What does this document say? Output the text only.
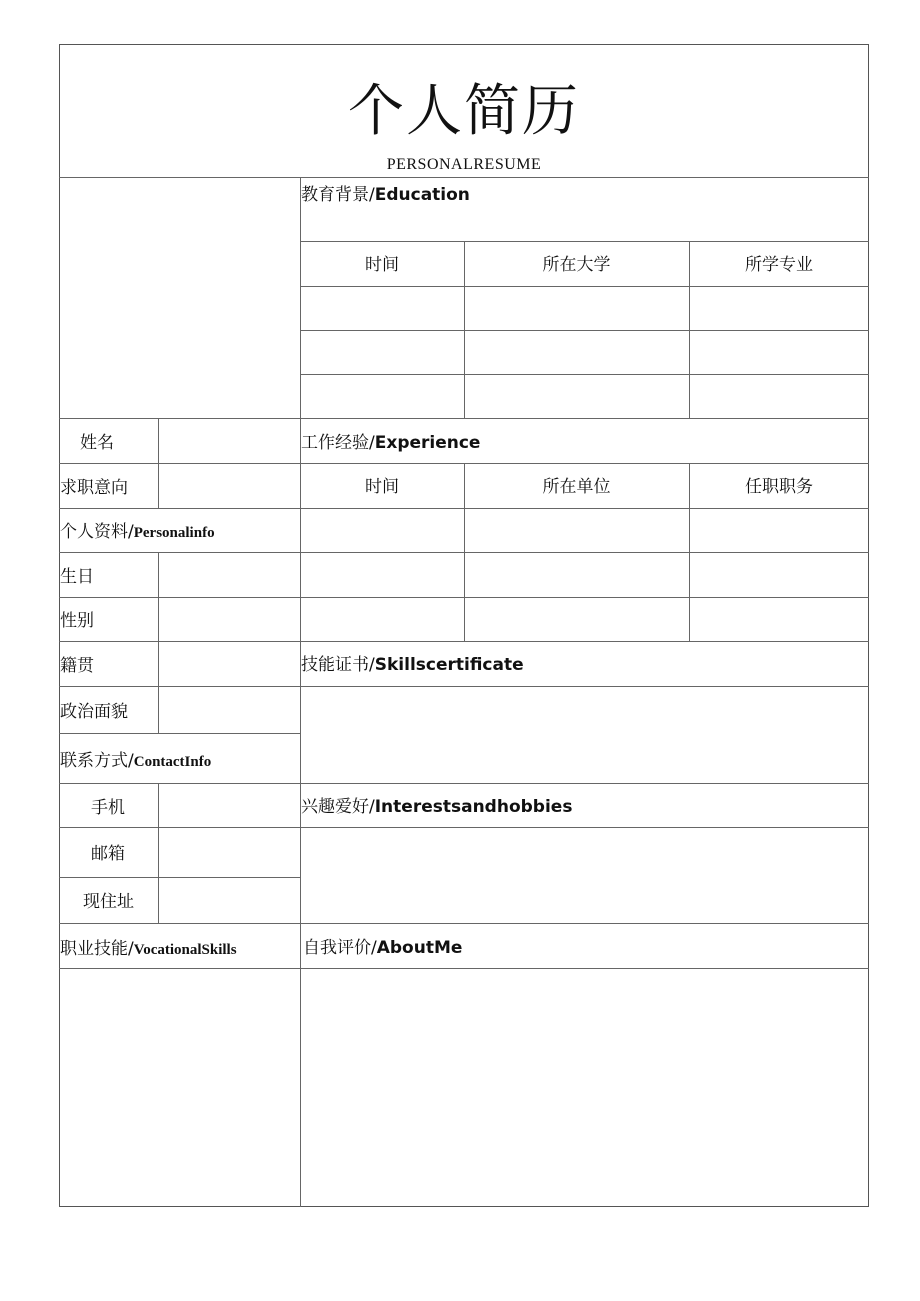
个人简历
PERSONALRESUME
教育背景/Education
时间	所在大学	所学专业
工作经验/Experience
时间	所在单位	任职职务
技能证书/Skillscertificate
兴趣爱好/Interestsandhobbies
自我评价/AboutMe
姓名
求职意向
个人资料/Personalinfo
生日
性别
籍贯
政治面貌
联系方式/ContactInfo
手机
邮箱
现住址
职业技能/VocationalSkills
